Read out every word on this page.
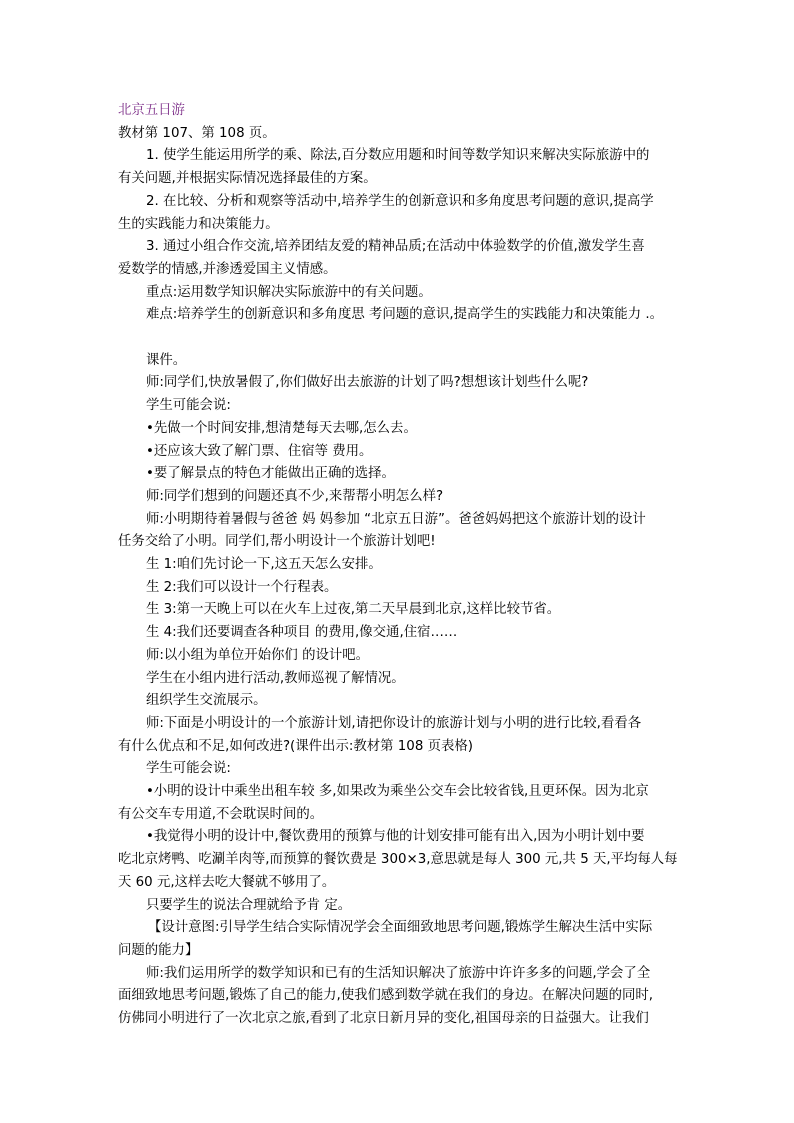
北京五日游

教材第 107、第 108 页。

1. 使学生能运用所学的乘、除法,百分数应用题和时间等数学知识来解决实际旅游中的

有关问题,并根据实际情况选择最佳的方案。

2. 在比较、分析和观察等活动中,培养学生的创新意识和多角度思考问题的意识,提高学

生的实践能力和决策能力。

3. 通过小组合作交流,培养团结友爱的精神品质;在活动中体验数学的价值,激发学生喜

爱数学的情感,并渗透爱国主义情感。

重点:运用数学知识解决实际旅游中的有关问题。

难点:培养学生的创新意识和多角度思 考问题的意识,提高学生的实践能力和决策能力 .。

课件。

师:同学们,快放暑假了,你们做好出去旅游的计划了吗?想想该计划些什么呢?

学生可能会说:

•先做一个时间安排,想清楚每天去哪,怎么去。

•还应该大致了解门票、住宿等 费用。

•要了解景点的特色才能做出正确的选择。

师:同学们想到的问题还真不少,来帮帮小明怎么样?

师:小明期待着暑假与爸爸 妈 妈参加 “北京五日游”。爸爸妈妈把这个旅游计划的设计

任务交给了小明。同学们,帮小明设计一个旅游计划吧!

生 1:咱们先讨论一下,这五天怎么安排。

生 2:我们可以设计一个行程表。

生 3:第一天晚上可以在火车上过夜,第二天早晨到北京,这样比较节省。

生 4:我们还要调查各种项目 的费用,像交通,住宿……

师:以小组为单位开始你们 的设计吧。

学生在小组内进行活动,教师巡视了解情况。

组织学生交流展示。

师:下面是小明设计的一个旅游计划,请把你设计的旅游计划与小明的进行比较,看看各

有什么优点和不足,如何改进?(课件出示:教材第 108 页表格)

学生可能会说:

•小明的设计中乘坐出租车较 多,如果改为乘坐公交车会比较省钱,且更环保。因为北京

有公交车专用道,不会耽误时间的。

•我觉得小明的设计中,餐饮费用的预算与他的计划安排可能有出入,因为小明计划中要

吃北京烤鸭、吃涮羊肉等,而预算的餐饮费是 300×3,意思就是每人 300 元,共 5 天,平均每人每

天 60 元,这样去吃大餐就不够用了。

只要学生的说法合理就给予肯 定。

【设计意图:引导学生结合实际情况学会全面细致地思考问题,锻炼学生解决生活中实际

问题的能力】

师:我们运用所学的数学知识和已有的生活知识解决了旅游中许许多多的问题,学会了全

面细致地思考问题,锻炼了自己的能力,使我们感到数学就在我们的身边。在解决问题的同时,

仿佛同小明进行了一次北京之旅,看到了北京日新月异的变化,祖国母亲的日益强大。让我们
